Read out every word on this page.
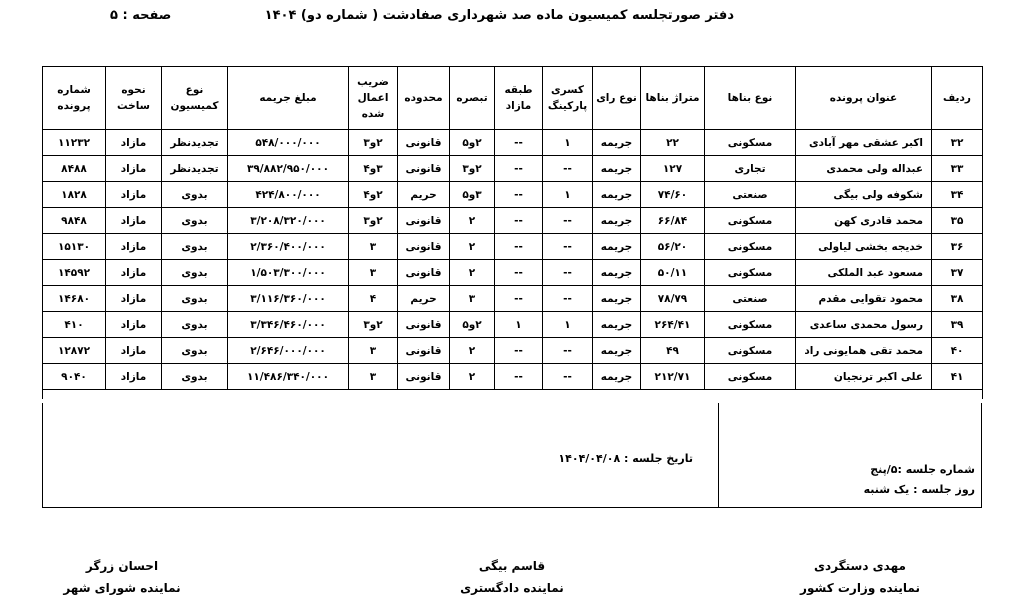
دفتر صورتجلسه کمیسیون ماده صد شهرداری صفادشت ( شماره دو) ۱۴۰۴
صفحه : ۵
ردیف	عنوان پرونده	نوع بناها	متراژ بناها	نوع رای	کسری پارکینگ	طبقه مازاد	تبصره	محدوده	ضریب اعمال شده	مبلغ جریمه	نوع کمیسیون	نحوه ساخت	شماره پرونده
۳۲	اکبر عشقی مهر آبادی	مسکونی	۲۲	جریمه	۱	--	۲و۵	قانونی	۲و۳	۵۴۸/۰۰۰/۰۰۰	تجدیدنظر	مازاد	۱۱۲۳۲
۳۳	عبداله ولی محمدی	تجاری	۱۲۷	جریمه	--	--	۲و۳	قانونی	۳و۴	۳۹/۸۸۲/۹۵۰/۰۰۰	تجدیدنظر	مازاد	۸۴۸۸
۳۴	شکوفه ولی بیگی	صنعتی	۷۴/۶۰	جریمه	۱	--	۳و۵	حریم	۲و۴	۴۲۴/۸۰۰/۰۰۰	بدوی	مازاد	۱۸۲۸
۳۵	محمد قادری کهن	مسکونی	۶۶/۸۴	جریمه	--	--	۲	قانونی	۲و۳	۳/۲۰۸/۳۲۰/۰۰۰	بدوی	مازاد	۹۸۴۸
۳۶	خدیجه بخشی لیاولی	مسکونی	۵۶/۲۰	جریمه	--	--	۲	قانونی	۳	۲/۳۶۰/۴۰۰/۰۰۰	بدوی	مازاد	۱۵۱۳۰
۳۷	مسعود عبد الملکی	مسکونی	۵۰/۱۱	جریمه	--	--	۲	قانونی	۳	۱/۵۰۳/۳۰۰/۰۰۰	بدوی	مازاد	۱۴۵۹۲
۳۸	محمود تقوایی مقدم	صنعتی	۷۸/۷۹	جریمه	--	--	۳	حریم	۴	۳/۱۱۶/۳۶۰/۰۰۰	بدوی	مازاد	۱۴۶۸۰
۳۹	رسول محمدی ساعدی	مسکونی	۲۶۴/۴۱	جریمه	۱	۱	۲و۵	قانونی	۲و۳	۳/۳۴۶/۴۶۰/۰۰۰	بدوی	مازاد	۴۱۰
۴۰	محمد تقی همایونی راد	مسکونی	۴۹	جریمه	--	--	۲	قانونی	۳	۲/۶۴۶/۰۰۰/۰۰۰	بدوی	مازاد	۱۲۸۷۲
۴۱	علی اکبر ترنجیان	مسکونی	۲۱۲/۷۱	جریمه	--	--	۲	قانونی	۳	۱۱/۴۸۶/۳۴۰/۰۰۰	بدوی	مازاد	۹۰۴۰

تاریخ جلسه : ۱۴۰۴/۰۴/۰۸
شماره جلسه :۵/پنج
روز جلسه : یک شنبه
احسان زرگر
نماینده شورای شهر
قاسم بیگی
نماینده دادگستری
مهدی دستگردی
نماینده وزارت کشور
